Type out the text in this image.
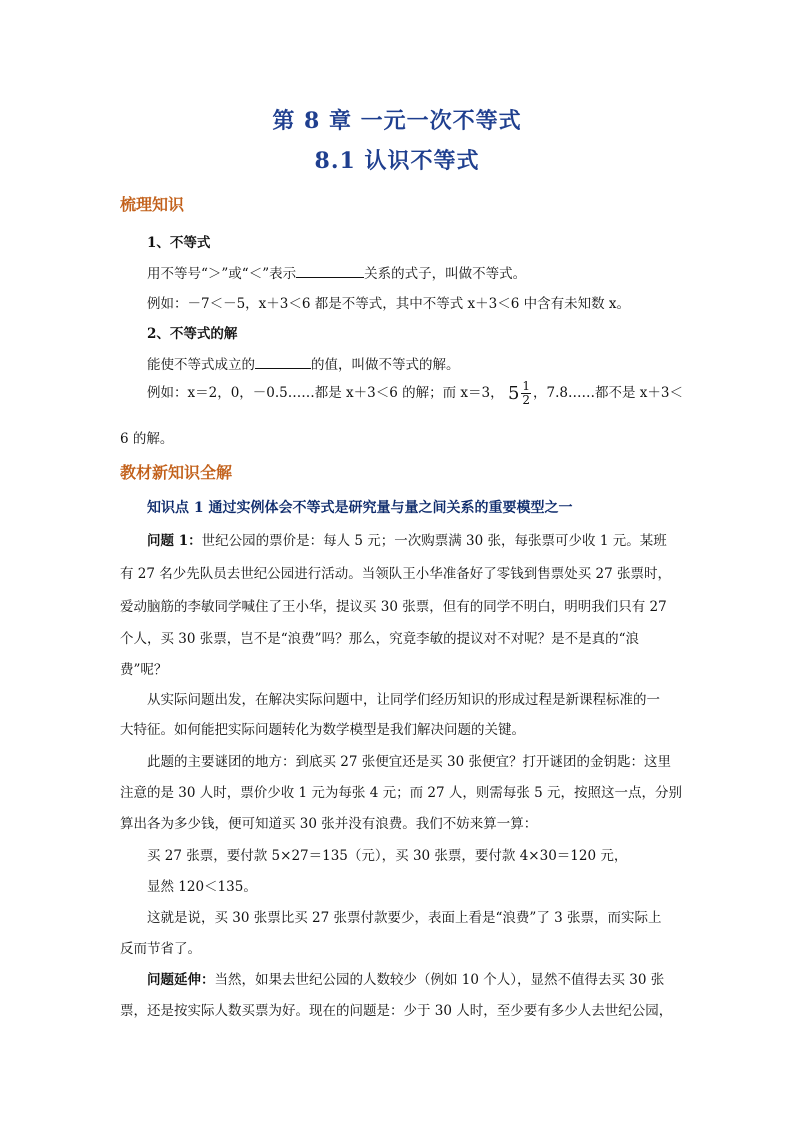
第 8 章 一元一次不等式
8.1 认识不等式
梳理知识
1、不等式
用不等号“＞”或“＜”表示	关系的式子，叫做不等式。
例如：－7＜－5，x＋3＜6 都是不等式，其中不等式 x＋3＜6 中含有未知数 x。
2、不等式的解
能使不等式成立的	的值，叫做不等式的解。
例如：x＝2，0，－0.5……都是 x＋3＜6 的解；而 x＝3， $5 \frac{1}{2}$ ，7.8……都不是 x＋3＜
6 的解。
教材新知识全解
知识点 1 通过实例体会不等式是研究量与量之间关系的重要模型之一
问题 1：世纪公园的票价是：每人 5 元；一次购票满 30 张，每张票可少收 1 元。某班
有 27 名少先队员去世纪公园进行活动。当领队王小华准备好了零钱到售票处买 27 张票时，
爱动脑筋的李敏同学喊住了王小华，提议买 30 张票，但有的同学不明白，明明我们只有 27
个人，买 30 张票，岂不是“浪费”吗？那么，究竟李敏的提议对不对呢？是不是真的“浪
费”呢？
从实际问题出发，在解决实际问题中，让同学们经历知识的形成过程是新课程标准的一
大特征。如何能把实际问题转化为数学模型是我们解决问题的关键。
此题的主要谜团的地方：到底买 27 张便宜还是买 30 张便宜？打开谜团的金钥匙：这里
注意的是 30 人时，票价少收 1 元为每张 4 元；而 27 人，则需每张 5 元，按照这一点，分别
算出各为多少钱，便可知道买 30 张并没有浪费。我们不妨来算一算：
买 27 张票，要付款 5×27＝135（元），买 30 张票，要付款 4×30＝120 元，
显然 120＜135。
这就是说，买 30 张票比买 27 张票付款要少，表面上看是“浪费”了 3 张票，而实际上
反而节省了。
问题延伸：当然，如果去世纪公园的人数较少（例如 10 个人），显然不值得去买 30 张
票，还是按实际人数买票为好。现在的问题是：少于 30 人时，至少要有多少人去世纪公园，
